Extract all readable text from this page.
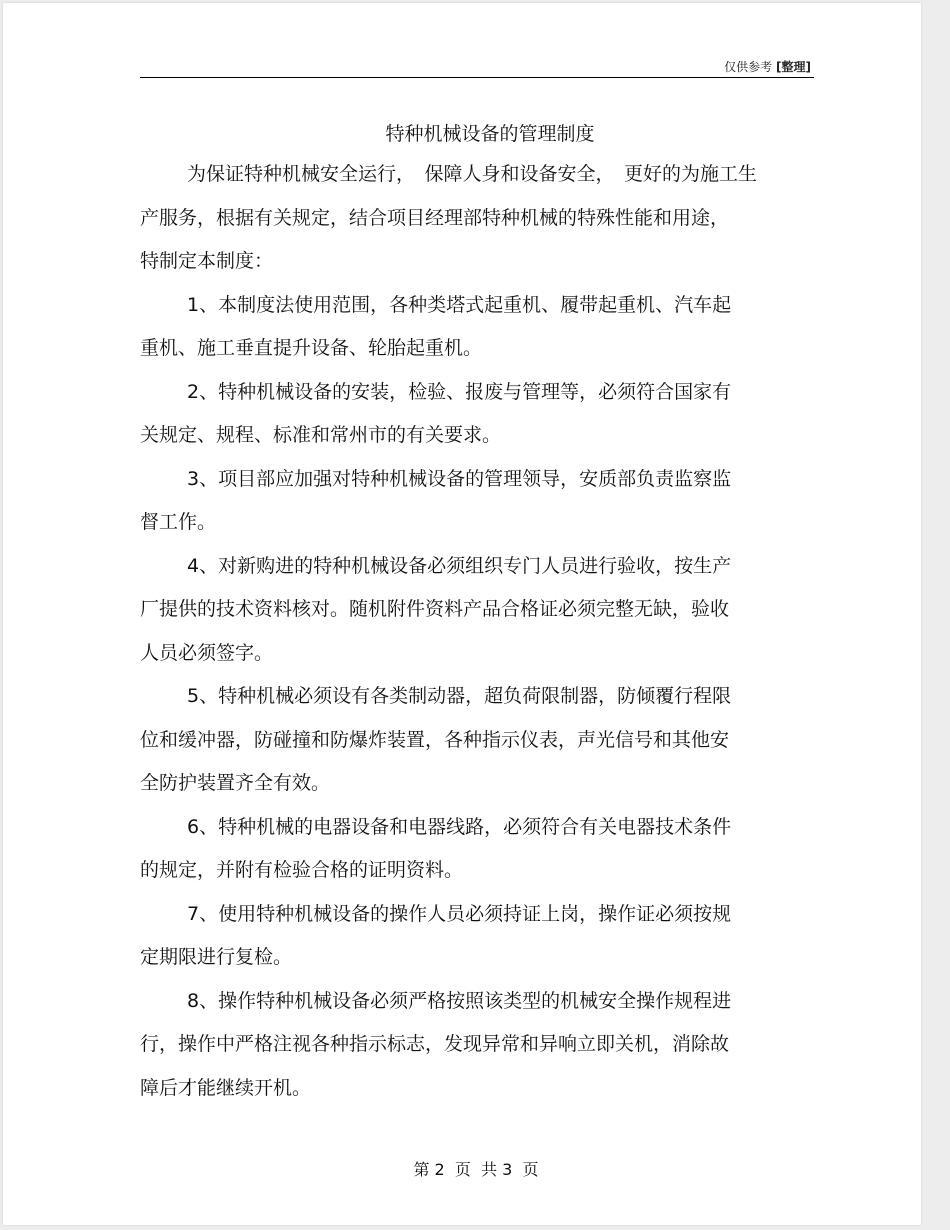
仅供参考 [整理]
特种机械设备的管理制度
为保证特种机械安全运行，　保障人身和设备安全，　更好的为施工生
产服务，根据有关规定，结合项目经理部特种机械的特殊性能和用途，
特制定本制度：
1、本制度法使用范围，各种类塔式起重机、履带起重机、汽车起
重机、施工垂直提升设备、轮胎起重机。
2、特种机械设备的安装，检验、报废与管理等，必须符合国家有
关规定、规程、标准和常州市的有关要求。
3、项目部应加强对特种机械设备的管理领导，安质部负责监察监
督工作。
4、对新购进的特种机械设备必须组织专门人员进行验收，按生产
厂提供的技术资料核对。随机附件资料产品合格证必须完整无缺，验收
人员必须签字。
5、特种机械必须设有各类制动器，超负荷限制器，防倾覆行程限
位和缓冲器，防碰撞和防爆炸装置，各种指示仪表，声光信号和其他安
全防护装置齐全有效。
6、特种机械的电器设备和电器线路，必须符合有关电器技术条件
的规定，并附有检验合格的证明资料。
7、使用特种机械设备的操作人员必须持证上岗，操作证必须按规
定期限进行复检。
8、操作特种机械设备必须严格按照该类型的机械安全操作规程进
行，操作中严格注视各种指示标志，发现异常和异响立即关机，消除故
障后才能继续开机。
第 2  页  共 3  页
